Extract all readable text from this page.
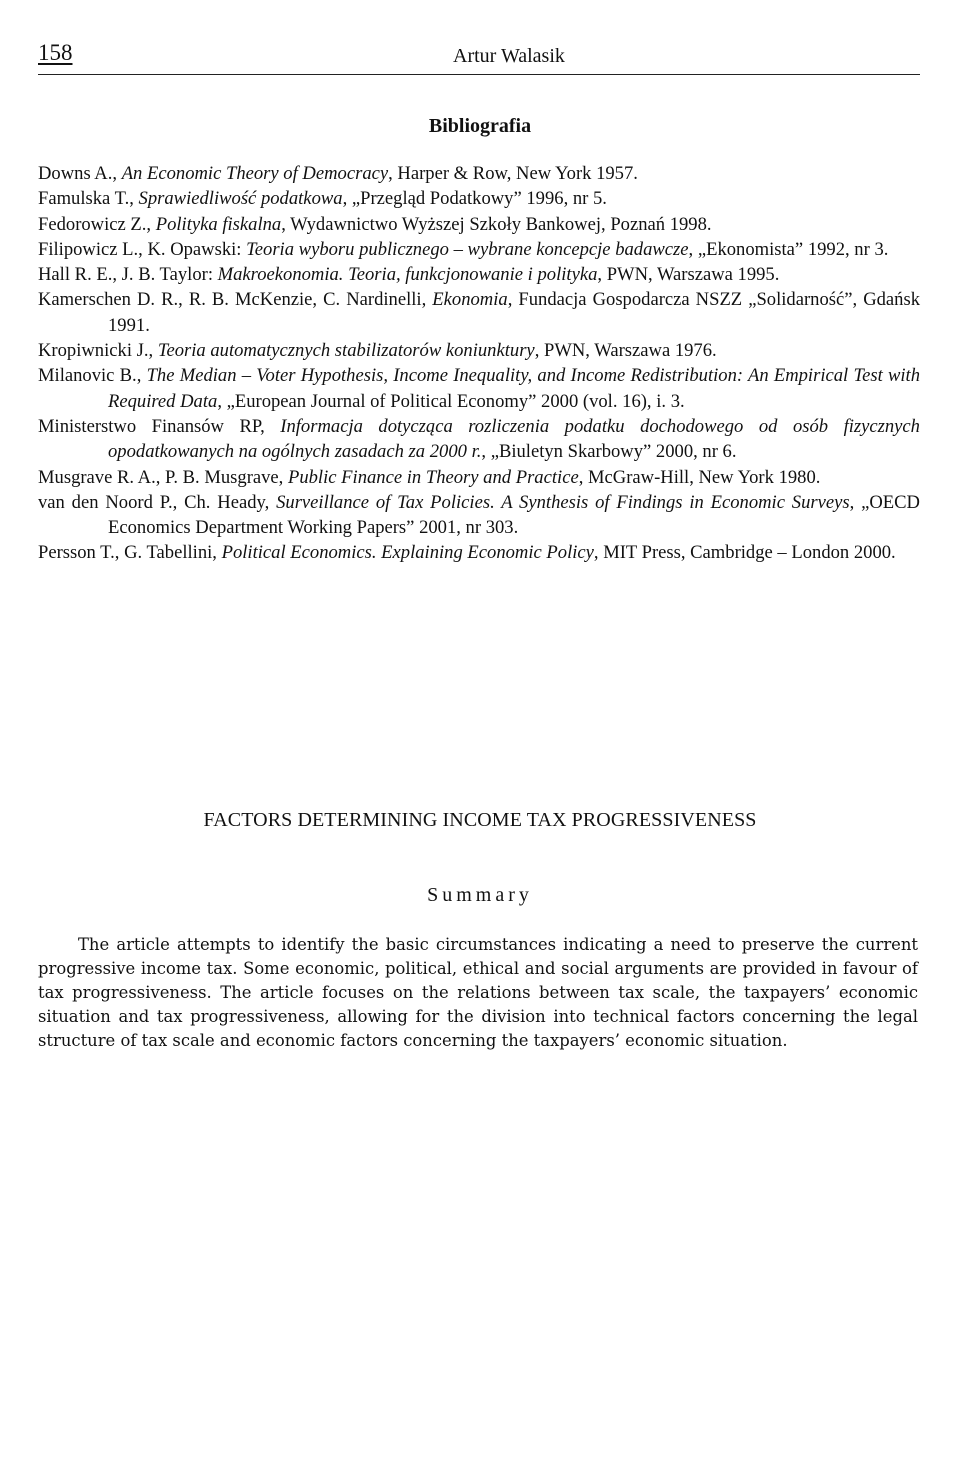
158	Artur Walasik
Bibliografia
Downs A., An Economic Theory of Democracy, Harper & Row, New York 1957.
Famulska T., Sprawiedliwość podatkowa, „Przegląd Podatkowy” 1996, nr 5.
Fedorowicz Z., Polityka fiskalna, Wydawnictwo Wyższej Szkoły Bankowej, Poznań 1998.
Filipowicz L., K. Opawski: Teoria wyboru publicznego – wybrane koncepcje badawcze, „Ekonomista” 1992, nr 3.
Hall R. E., J. B. Taylor: Makroekonomia. Teoria, funkcjonowanie i polityka, PWN, Warszawa 1995.
Kamerschen D. R., R. B. McKenzie, C. Nardinelli, Ekonomia, Fundacja Gospodarcza NSZZ „Solidarność”, Gdańsk 1991.
Kropiwnicki J., Teoria automatycznych stabilizatorów koniunktury, PWN, Warszawa 1976.
Milanovic B., The Median – Voter Hypothesis, Income Inequality, and Income Redistribution: An Empirical Test with Required Data, „European Journal of Political Economy” 2000 (vol. 16), i. 3.
Ministerstwo Finansów RP, Informacja dotycząca rozliczenia podatku dochodowego od osób fizycznych opodatkowanych na ogólnych zasadach za 2000 r., „Biuletyn Skarbowy” 2000, nr 6.
Musgrave R. A., P. B. Musgrave, Public Finance in Theory and Practice, McGraw-Hill, New York 1980.
van den Noord P., Ch. Heady, Surveillance of Tax Policies. A Synthesis of Findings in Economic Surveys, „OECD Economics Department Working Papers” 2001, nr 303.
Persson T., G. Tabellini, Political Economics. Explaining Economic Policy, MIT Press, Cambridge – London 2000.
FACTORS DETERMINING INCOME TAX PROGRESSIVENESS
Summary

The article attempts to identify the basic circumstances indicating a need to preserve the current progressive income tax. Some economic, political, ethical and social arguments are provided in favour of tax progressiveness. The article focuses on the relations between tax scale, the taxpayers’ economic situation and tax progressiveness, allowing for the division into technical factors concerning the legal structure of tax scale and economic factors concerning the taxpayers’ economic situation.
